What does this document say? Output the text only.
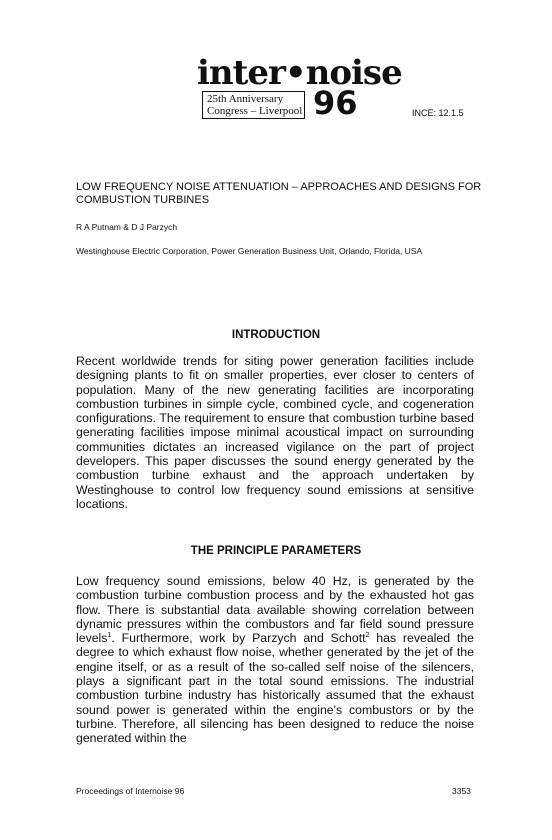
inter•noise
25th Anniversary
Congress – Liverpool 96	INCE: 12.1.5
LOW FREQUENCY NOISE ATTENUATION – APPROACHES AND DESIGNS FOR COMBUSTION TURBINES
R A Putnam & D J Parzych
Westinghouse Electric Corporation, Power Generation Business Unit, Orlando, Florida, USA
INTRODUCTION
Recent worldwide trends for siting power generation facilities include designing plants to fit on smaller properties, ever closer to centers of population. Many of the new generating facilities are incorporating combustion turbines in simple cycle, combined cycle, and cogeneration configurations. The requirement to ensure that combustion turbine based generating facilities impose minimal acoustical impact on surrounding communities dictates an increased vigilance on the part of project developers. This paper discusses the sound energy generated by the combustion turbine exhaust and the approach undertaken by Westinghouse to control low frequency sound emissions at sensitive locations.
THE PRINCIPLE PARAMETERS
Low frequency sound emissions, below 40 Hz, is generated by the combustion turbine combustion process and by the exhausted hot gas flow. There is substantial data available showing correlation between dynamic pressures within the combustors and far field sound pressure levels$^1$. Furthermore, work by Parzych and Schott$^2$ has revealed the degree to which exhaust flow noise, whether generated by the jet of the engine itself, or as a result of the so-called self noise of the silencers, plays a significant part in the total sound emissions. The industrial combustion turbine industry has historically assumed that the exhaust sound power is generated within the engine's combustors or by the turbine. Therefore, all silencing has been designed to reduce the noise generated within the
Proceedings of Internoise 96	3353
